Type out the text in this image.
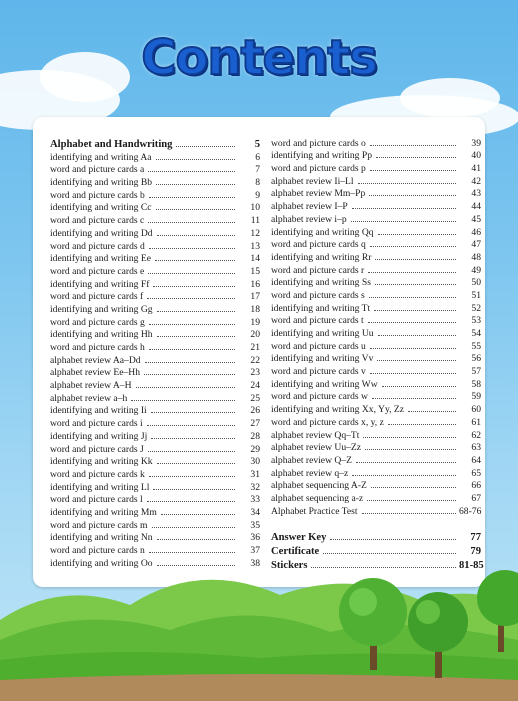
Contents
Alphabet and Handwriting	5
identifying and writing Aa	6
word and picture cards a	7
identifying and writing Bb	8
word and picture cards b	9
identifying and writing Cc	10
word and picture cards c	11
identifying and writing Dd	12
word and picture cards d	13
identifying and writing Ee	14
word and picture cards e	15
identifying and writing Ff	16
word and picture cards f	17
identifying and writing Gg	18
word and picture cards g	19
identifying and writing Hh	20
word and picture cards h	21
alphabet review Aa–Dd	22
alphabet review Ee–Hh	23
alphabet review A–H	24
alphabet review a–h	25
identifying and writing Ii	26
word and picture cards i	27
identifying and writing Jj	28
word and picture cards J	29
identifying and writing Kk	30
word and picture cards k	31
identifying and writing Ll	32
word and picture cards l	33
identifying and writing Mm	34
word and picture cards m	35
identifying and writing Nn	36
word and picture cards n	37
identifying and writing Oo	38
word and picture cards o	39
identifying and writing Pp	40
word and picture cards p	41
alphabet review Ii–Ll	42
alphabet review Mm–Pp	43
alphabet review I–P	44
alphabet review i–p	45
identifying and writing Qq	46
word and picture cards q	47
identifying and writing Rr	48
word and picture cards r	49
identifying and writing Ss	50
word and picture cards s	51
identifying and writing Tt	52
word and picture cards t	53
identifying and writing Uu	54
word and picture cards u	55
identifying and writing Vv	56
word and picture cards v	57
identifying and writing Ww	58
word and picture cards w	59
identifying and writing Xx, Yy, Zz	60
word and picture cards x, y, z	61
alphabet review Qq–Tt	62
alphabet review Uu–Zz	63
alphabet review Q–Z	64
alphabet review q–z	65
alphabet sequencing A-Z	66
alphabet sequencing a-z	67
Alphabet Practice Test	68-76
Answer Key	77
Certificate	79
Stickers	81-85
